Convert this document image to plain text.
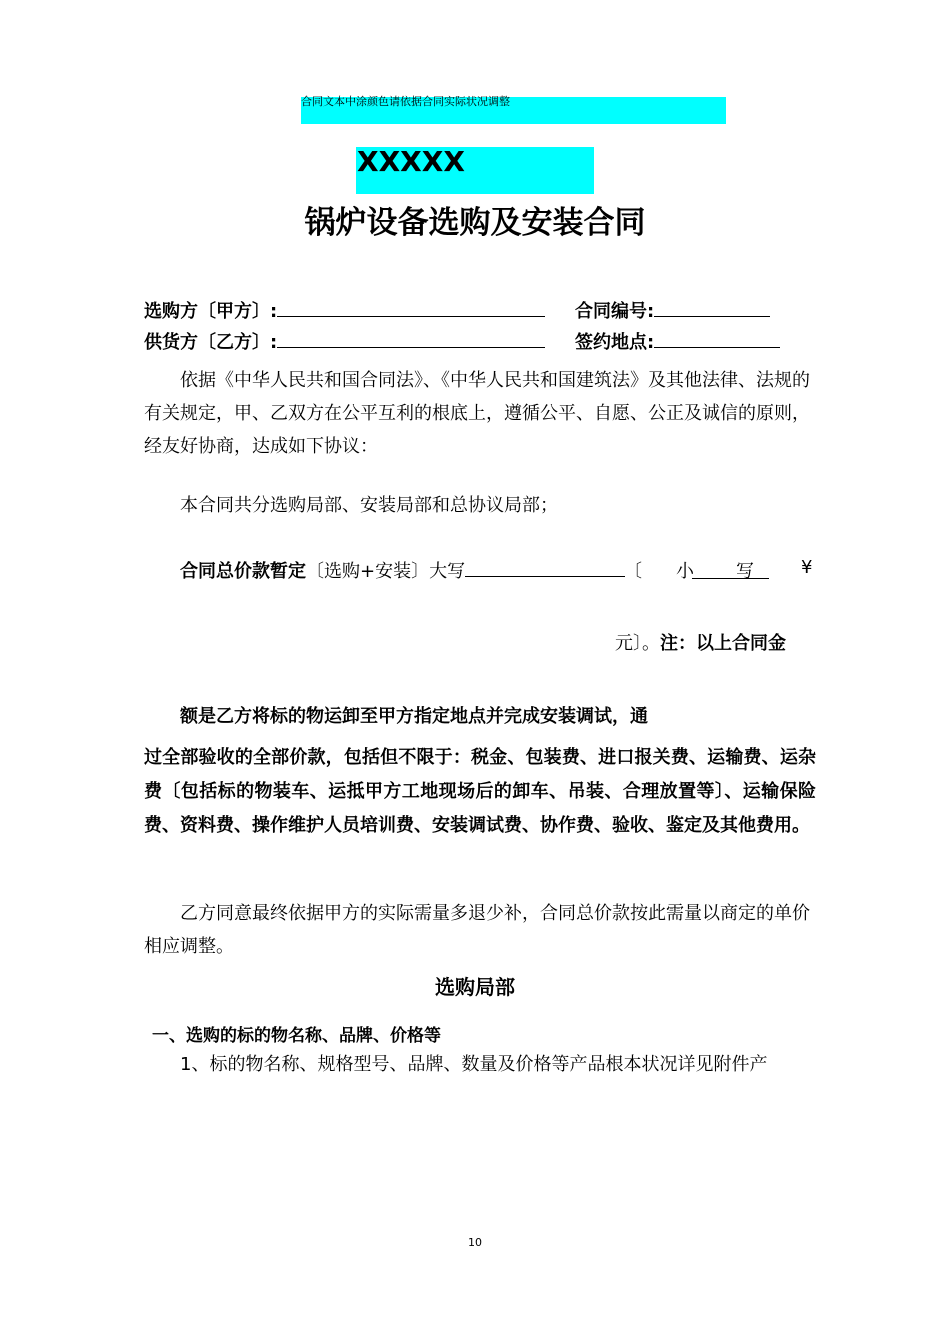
合同文本中涂颜色请依据合同实际状况调整
XXXXX
锅炉设备选购及安装合同
选购方〔甲方〕:	合同编号:
供货方〔乙方〕:	签约地点:
依据《中华人民共和国合同法》、《中华人民共和国建筑法》及其他法律、法规的有关规定，甲、乙双方在公平互利的根底上，遵循公平、自愿、公正及诚信的原则，经友好协商，达成如下协议：
本合同共分选购局部、安装局部和总协议局部；
合同总价款暂定〔选购+安装〕大写	〔 小 写	¥
元〕。注：以上合同金
额是乙方将标的物运卸至甲方指定地点并完成安装调试，通
过全部验收的全部价款，包括但不限于：税金、包装费、进口报关费、运输费、运杂费〔包括标的物装车、运抵甲方工地现场后的卸车、吊装、合理放置等〕、运输保险费、资料费、操作维护人员培训费、安装调试费、协作费、验收、鉴定及其他费用。
乙方同意最终依据甲方的实际需量多退少补，合同总价款按此需量以商定的单价相应调整。
选购局部
一、选购的标的物名称、品牌、价格等
1、标的物名称、规格型号、品牌、数量及价格等产品根本状况详见附件产
10
